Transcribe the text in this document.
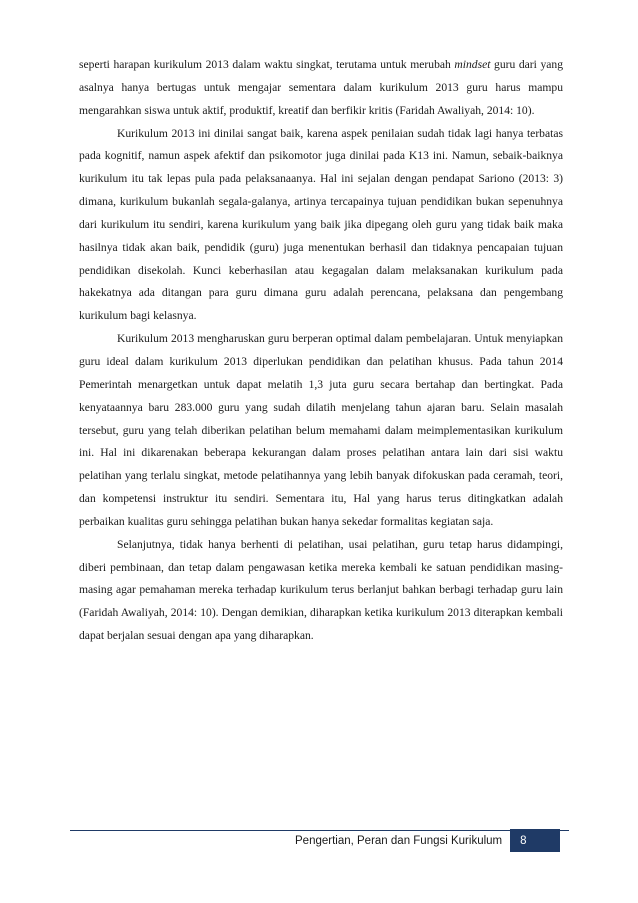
seperti harapan kurikulum 2013 dalam waktu singkat, terutama untuk merubah mindset guru dari yang asalnya hanya bertugas untuk mengajar sementara dalam kurikulum 2013 guru harus mampu mengarahkan siswa untuk aktif, produktif, kreatif dan berfikir kritis (Faridah Awaliyah, 2014: 10).

Kurikulum 2013 ini dinilai sangat baik, karena aspek penilaian sudah tidak lagi hanya terbatas pada kognitif, namun aspek afektif dan psikomotor juga dinilai pada K13 ini. Namun, sebaik-baiknya kurikulum itu tak lepas pula pada pelaksanaanya. Hal ini sejalan dengan pendapat Sariono (2013: 3) dimana, kurikulum bukanlah segala-galanya, artinya tercapainya tujuan pendidikan bukan sepenuhnya dari kurikulum itu sendiri, karena kurikulum yang baik jika dipegang oleh guru yang tidak baik maka hasilnya tidak akan baik, pendidik (guru) juga menentukan berhasil dan tidaknya pencapaian tujuan pendidikan disekolah. Kunci keberhasilan atau kegagalan dalam melaksanakan kurikulum pada hakekatnya ada ditangan para guru dimana guru adalah perencana, pelaksana dan pengembang kurikulum bagi kelasnya.

Kurikulum 2013 mengharuskan guru berperan optimal dalam pembelajaran. Untuk menyiapkan guru ideal dalam kurikulum 2013 diperlukan pendidikan dan pelatihan khusus. Pada tahun 2014 Pemerintah menargetkan untuk dapat melatih 1,3 juta guru secara bertahap dan bertingkat. Pada kenyataannya baru 283.000 guru yang sudah dilatih menjelang tahun ajaran baru. Selain masalah tersebut, guru yang telah diberikan pelatihan belum memahami dalam meimplementasikan kurikulum ini. Hal ini dikarenakan beberapa kekurangan dalam proses pelatihan antara lain dari sisi waktu pelatihan yang terlalu singkat, metode pelatihannya yang lebih banyak difokuskan pada ceramah, teori, dan kompetensi instruktur itu sendiri. Sementara itu, Hal yang harus terus ditingkatkan adalah perbaikan kualitas guru sehingga pelatihan bukan hanya sekedar formalitas kegiatan saja.

Selanjutnya, tidak hanya berhenti di pelatihan, usai pelatihan, guru tetap harus didampingi, diberi pembinaan, dan tetap dalam pengawasan ketika mereka kembali ke satuan pendidikan masing-masing agar pemahaman mereka terhadap kurikulum terus berlanjut bahkan berbagi terhadap guru lain (Faridah Awaliyah, 2014: 10). Dengan demikian, diharapkan ketika kurikulum 2013 diterapkan kembali dapat berjalan sesuai dengan apa yang diharapkan.

Pengertian, Peran dan Fungsi Kurikulum	8
